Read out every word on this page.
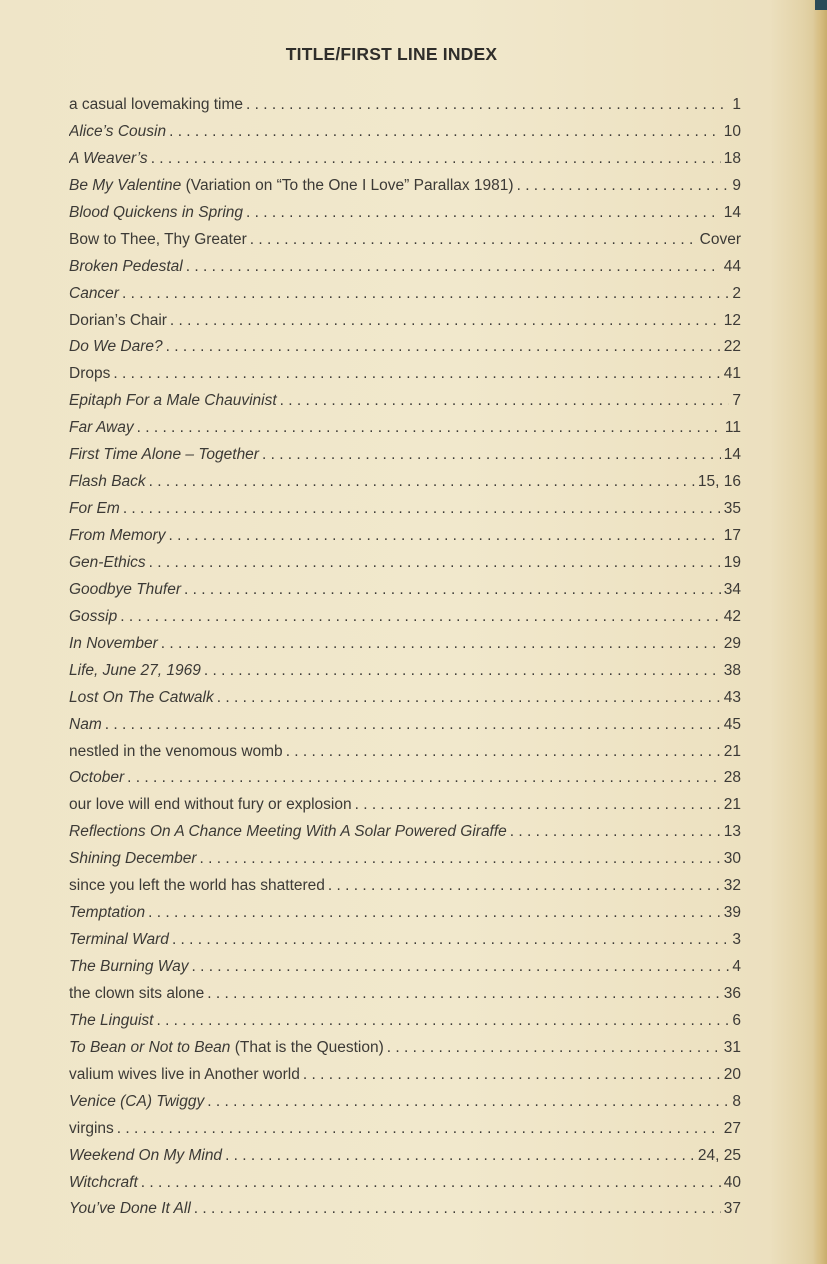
TITLE/FIRST LINE INDEX
a casual lovemaking time . . .	1
Alice’s Cousin . . .	10
A Weaver’s . . .	18
Be My Valentine (Variation on “To the One I Love” Parallax 1981) . . .	9
Blood Quickens in Spring . . .	14
Bow to Thee, Thy Greater . . .	Cover
Broken Pedestal . . .	44
Cancer . . .	2
Dorian’s Chair . . .	12
Do We Dare? . . .	22
Drops . . .	41
Epitaph For a Male Chauvinist . . .	7
Far Away . . .	11
First Time Alone – Together . . .	14
Flash Back . . .	15, 16
For Em . . .	35
From Memory . . .	17
Gen-Ethics . . .	19
Goodbye Thufer . . .	34
Gossip . . .	42
In November . . .	29
Life, June 27, 1969 . . .	38
Lost On The Catwalk . . .	43
Nam . . .	45
nestled in the venomous womb . . .	21
October . . .	28
our love will end without fury or explosion . . .	21
Reflections On A Chance Meeting With A Solar Powered Giraffe . . .	13
Shining December . . .	30
since you left the world has shattered . . .	32
Temptation . . .	39
Terminal Ward . . .	3
The Burning Way . . .	4
the clown sits alone . . .	36
The Linguist . . .	6
To Bean or Not to Bean (That is the Question) . . .	31
valium wives live in Another world . . .	20
Venice (CA) Twiggy . . .	8
virgins . . .	27
Weekend On My Mind . . .	24, 25
Witchcraft . . .	40
You’ve Done It All . . .	37
